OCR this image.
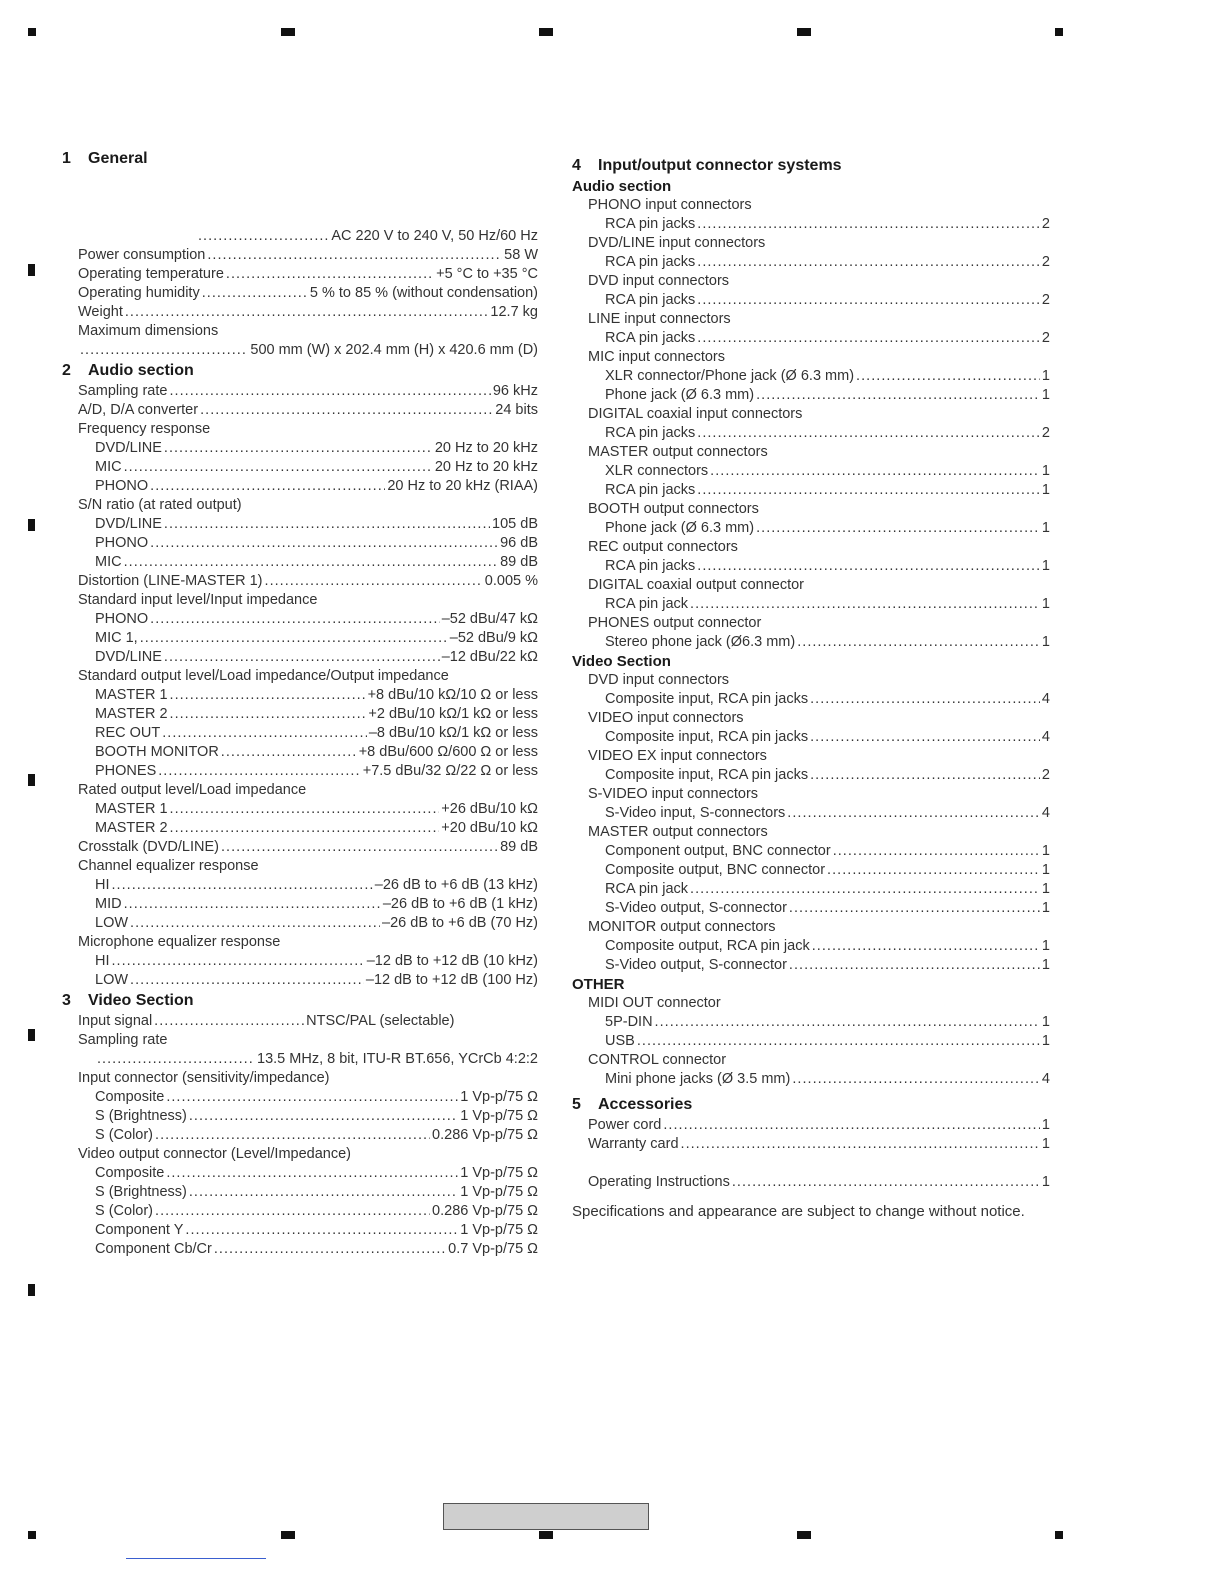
1 General
. . .
AC 220 V to 240 V, 50 Hz/60 Hz
Power consumption . . .	58 W
Operating temperature . . .	+5 °C to +35 °C
Operating humidity . . .	5 % to 85 % (without condensation)
Weight . . .	12.7 kg
Maximum dimensions
. . .
500 mm (W) x 202.4 mm (H) x 420.6 mm (D)
2 Audio section
Sampling rate . . .	96 kHz
A/D, D/A converter . . .	24 bits
Frequency response
DVD/LINE . . .	20 Hz to 20 kHz
MIC . . .	20 Hz to 20 kHz
PHONO . . .	20 Hz to 20 kHz (RIAA)
S/N ratio (at rated output)
DVD/LINE . . .	105 dB
PHONO . . .	96 dB
MIC . . .	89 dB
Distortion (LINE-MASTER 1) . . .	0.005 %
Standard input level/Input impedance
PHONO . . .	–52 dBu/47 kΩ
MIC 1, . . .	–52 dBu/9 kΩ
DVD/LINE . . .	–12 dBu/22 kΩ
Standard output level/Load impedance/Output impedance
MASTER 1 . . .	+8 dBu/10 kΩ/10 Ω or less
MASTER 2 . . .	+2 dBu/10 kΩ/1 kΩ or less
REC OUT . . .	–8 dBu/10 kΩ/1 kΩ or less
BOOTH MONITOR . . .	+8 dBu/600 Ω/600 Ω or less
PHONES . . .	+7.5 dBu/32 Ω/22 Ω or less
Rated output level/Load impedance
MASTER 1 . . .	+26 dBu/10 kΩ
MASTER 2 . . .	+20 dBu/10 kΩ
Crosstalk (DVD/LINE) . . .	89 dB
Channel equalizer response
HI . . .	–26 dB to +6 dB (13 kHz)
MID . . .	–26 dB to +6 dB (1 kHz)
LOW . . .	–26 dB to +6 dB (70 Hz)
Microphone equalizer response
HI . . .	–12 dB to +12 dB (10 kHz)
LOW . . .	–12 dB to +12 dB (100 Hz)
3 Video Section
Input signal . . .	NTSC/PAL (selectable)
Sampling rate
. . .
13.5 MHz, 8 bit, ITU-R BT.656, YCrCb 4:2:2
Input connector (sensitivity/impedance)
Composite . . .	1 Vp-p/75 Ω
S (Brightness) . . .	1 Vp-p/75 Ω
S (Color) . . .	0.286 Vp-p/75 Ω
Video output connector (Level/Impedance)
Composite . . .	1 Vp-p/75 Ω
S (Brightness) . . .	1 Vp-p/75 Ω
S (Color) . . .	0.286 Vp-p/75 Ω
Component Y . . .	1 Vp-p/75 Ω
Component Cb/Cr . . .	0.7 Vp-p/75 Ω
4 Input/output connector systems
Audio section
PHONO input connectors
RCA pin jacks . . .	2
DVD/LINE input connectors
RCA pin jacks . . .	2
DVD input connectors
RCA pin jacks . . .	2
LINE input connectors
RCA pin jacks . . .	2
MIC input connectors
XLR connector/Phone jack (Ø 6.3 mm) . . .	1
Phone jack (Ø 6.3 mm) . . .	1
DIGITAL coaxial input connectors
RCA pin jacks . . .	2
MASTER output connectors
XLR connectors . . .	1
RCA pin jacks . . .	1
BOOTH output connectors
Phone jack (Ø 6.3 mm) . . .	1
REC output connectors
RCA pin jacks . . .	1
DIGITAL coaxial output connector
RCA pin jack . . .	1
PHONES output connector
Stereo phone jack (Ø6.3 mm) . . .	1
Video Section
DVD input connectors
Composite input, RCA pin jacks . . .	4
VIDEO input connectors
Composite input, RCA pin jacks . . .	4
VIDEO EX input connectors
Composite input, RCA pin jacks . . .	2
S-VIDEO input connectors
S-Video input, S-connectors . . .	4
MASTER output connectors
Component output, BNC connector . . .	1
Composite output, BNC connector . . .	1
RCA pin jack . . .	1
S-Video output, S-connector . . .	1
MONITOR output connectors
Composite output, RCA pin jack . . .	1
S-Video output, S-connector . . .	1
OTHER
MIDI OUT connector
5P-DIN . . .	1
USB . . .	1
CONTROL connector
Mini phone jacks (Ø 3.5 mm) . . .	4
5 Accessories
Power cord . . .	1
Warranty card . . .	1
Operating Instructions . . .	1
Specifications and appearance are subject to change without notice.
